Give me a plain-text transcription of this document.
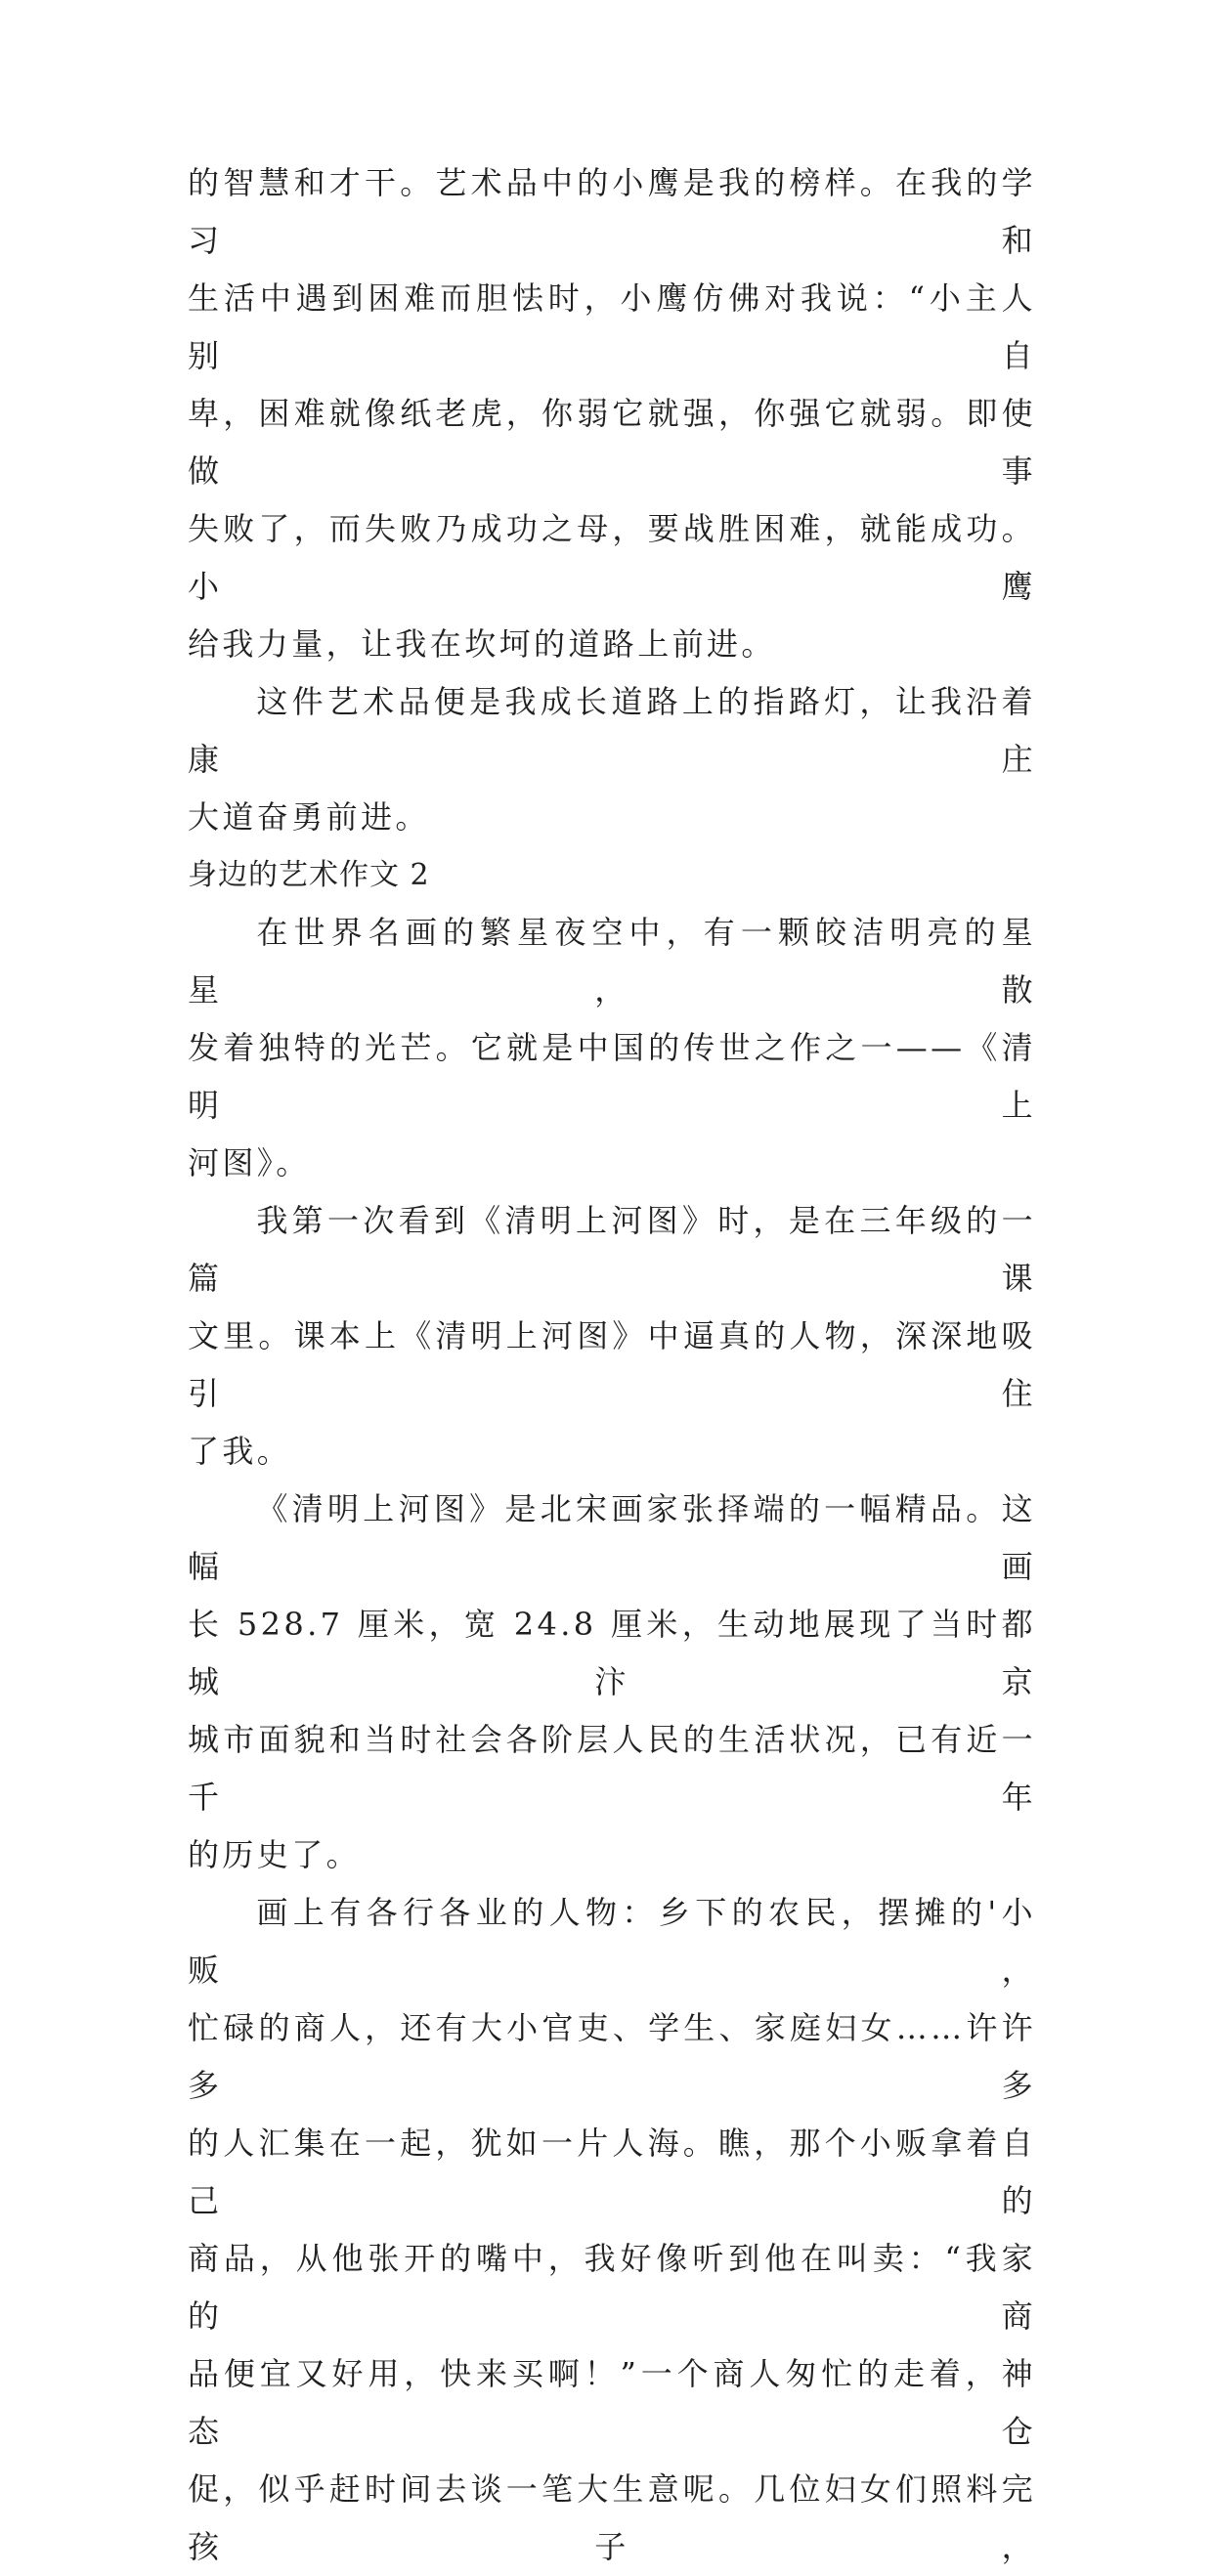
的智慧和才干。艺术品中的小鹰是我的榜样。在我的学习和

生活中遇到困难而胆怯时，小鹰仿佛对我说：“小主人别自

卑，困难就像纸老虎，你弱它就强，你强它就弱。即使做事

失败了，而失败乃成功之母，要战胜困难，就能成功。小鹰

给我力量，让我在坎坷的道路上前进。

这件艺术品便是我成长道路上的指路灯，让我沿着康庄

大道奋勇前进。

身边的艺术作文 2

在世界名画的繁星夜空中，有一颗皎洁明亮的星星，散

发着独特的光芒。它就是中国的传世之作之一——《清明上

河图》。

我第一次看到《清明上河图》时，是在三年级的一篇课

文里。课本上《清明上河图》中逼真的人物，深深地吸引住

了我。

《清明上河图》是北宋画家张择端的一幅精品。这幅画

长 528.7 厘米，宽 24.8 厘米，生动地展现了当时都城汴京

城市面貌和当时社会各阶层人民的生活状况，已有近一千年

的历史了。

画上有各行各业的人物：乡下的农民，摆摊的'小贩，

忙碌的商人，还有大小官吏、学生、家庭妇女……许许多多

的人汇集在一起，犹如一片人海。瞧，那个小贩拿着自己的

商品，从他张开的嘴中，我好像听到他在叫卖：“我家的商

品便宜又好用，快来买啊！”一个商人匆忙的走着，神态仓

促，似乎赶时间去谈一笔大生意呢。几位妇女们照料完孩子，
